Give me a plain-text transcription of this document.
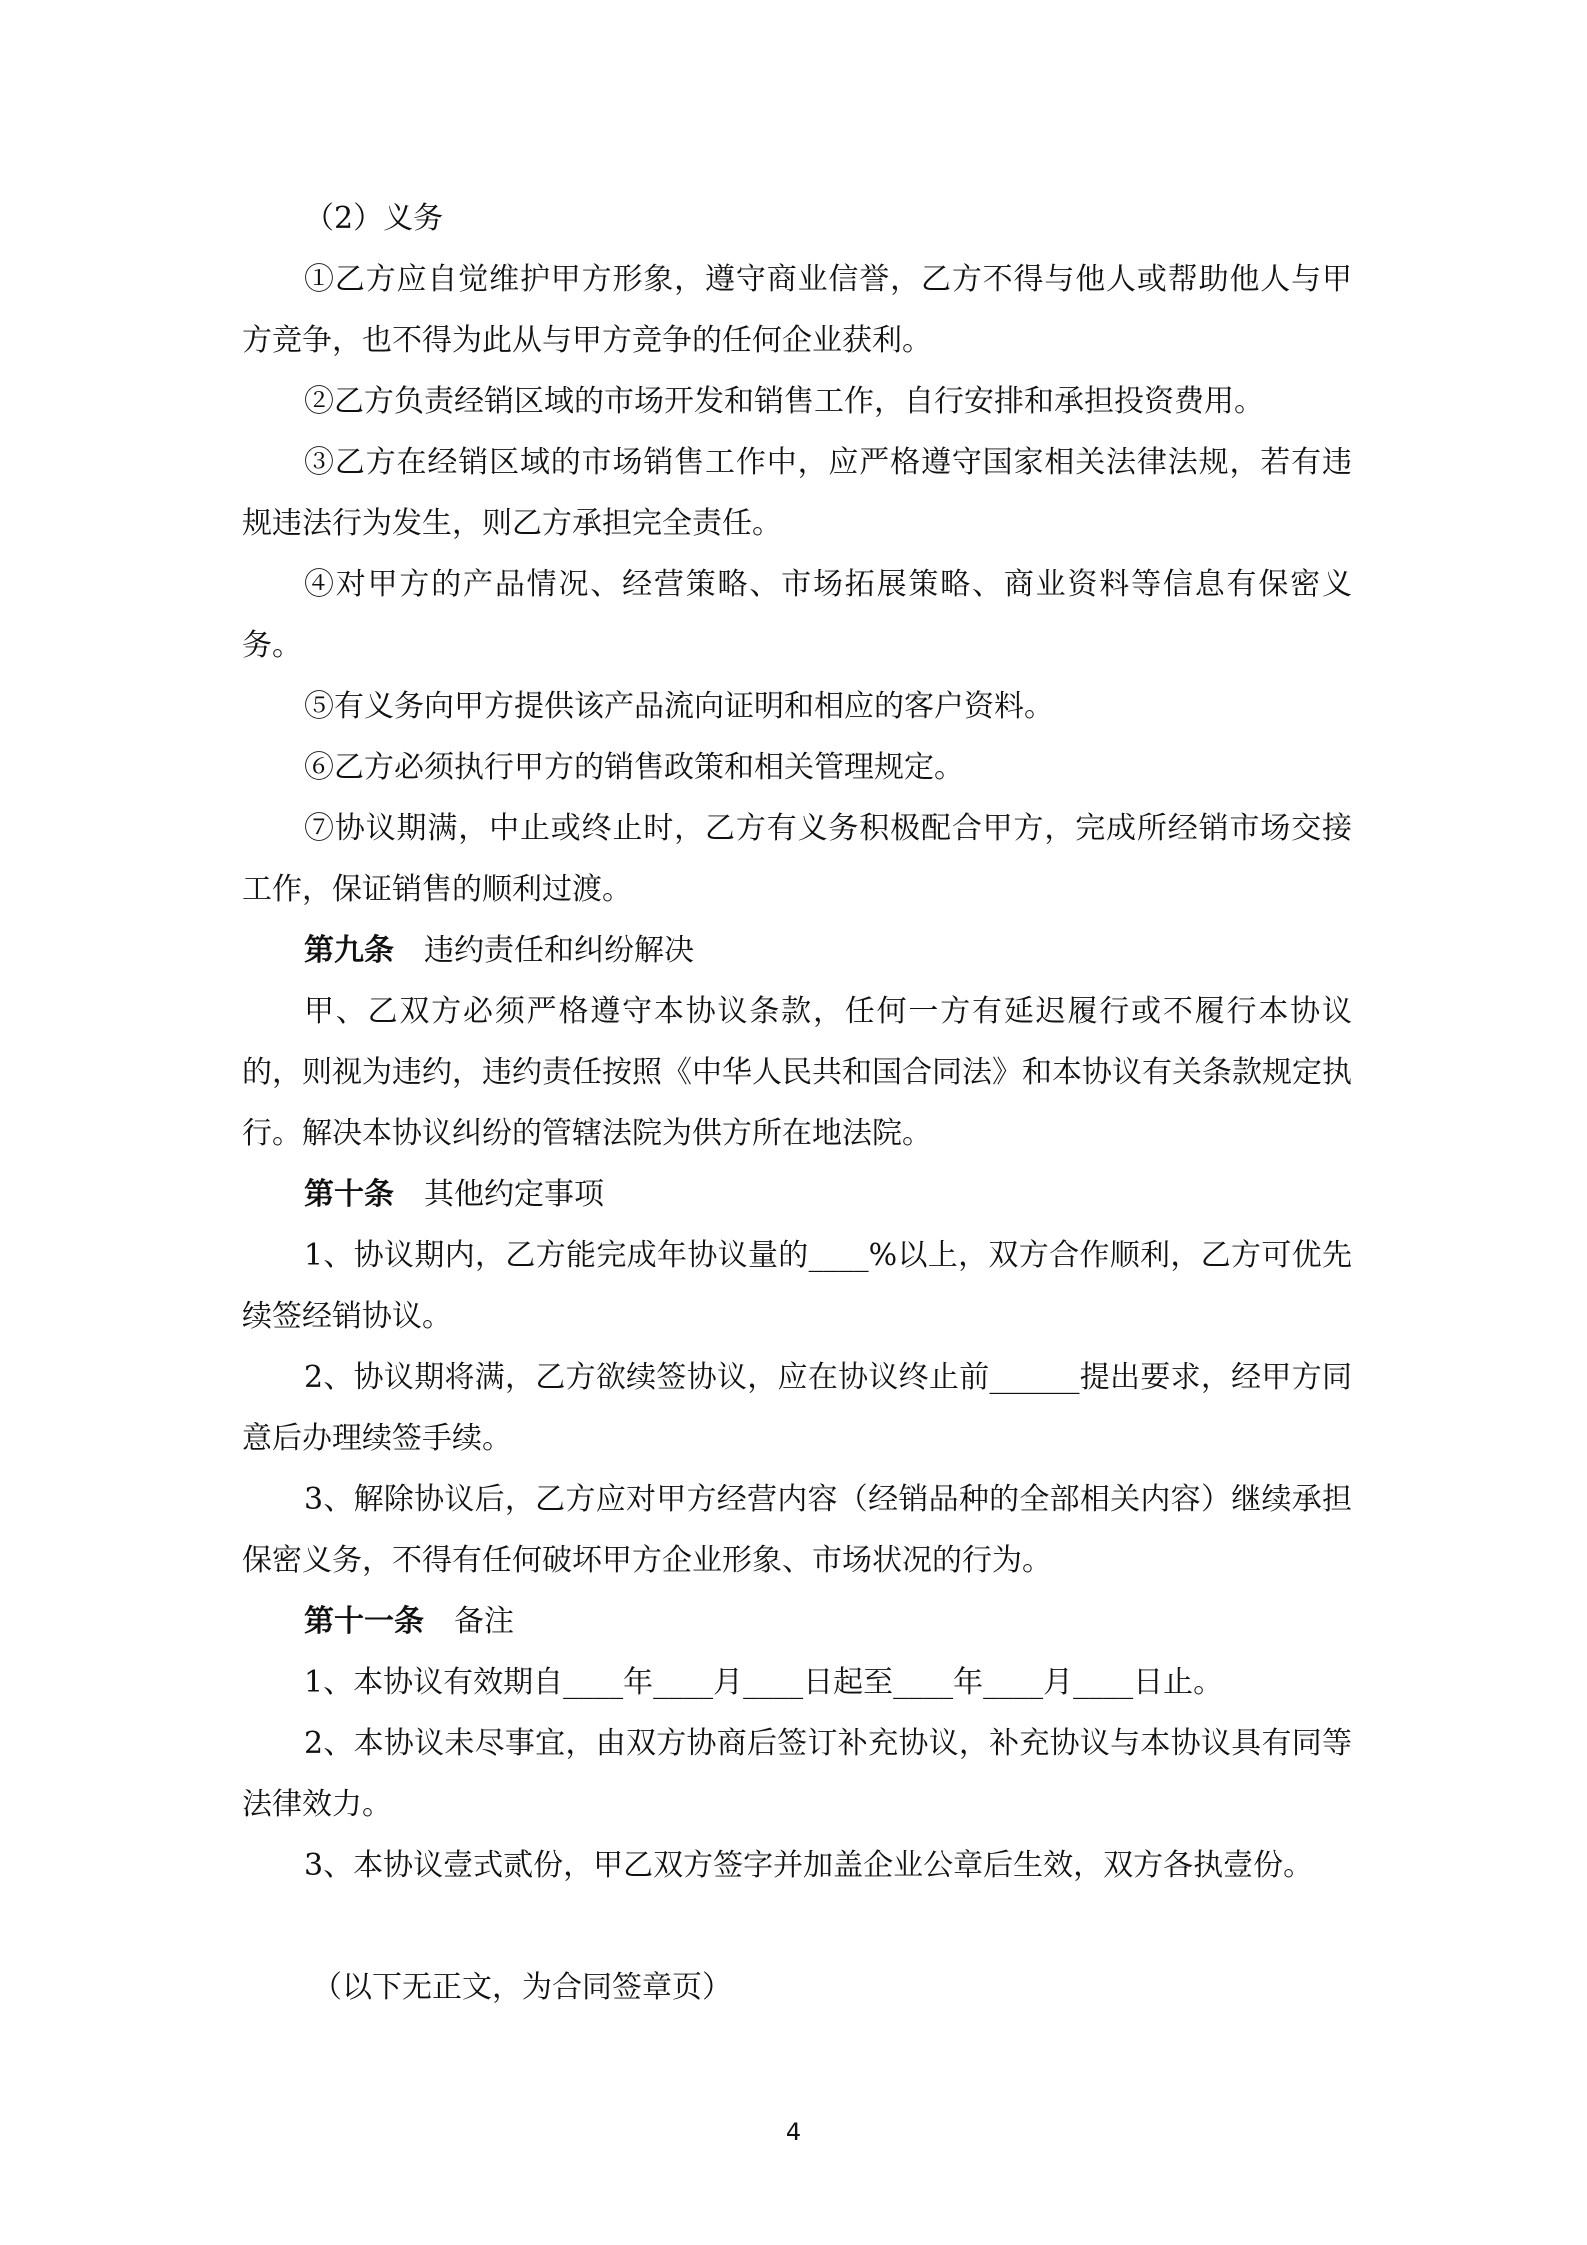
（2）义务

①乙方应自觉维护甲方形象，遵守商业信誉，乙方不得与他人或帮助他人与甲方竞争，也不得为此从与甲方竞争的任何企业获利。

②乙方负责经销区域的市场开发和销售工作，自行安排和承担投资费用。

③乙方在经销区域的市场销售工作中，应严格遵守国家相关法律法规，若有违规违法行为发生，则乙方承担完全责任。

④对甲方的产品情况、经营策略、市场拓展策略、商业资料等信息有保密义务。

⑤有义务向甲方提供该产品流向证明和相应的客户资料。

⑥乙方必须执行甲方的销售政策和相关管理规定。

⑦协议期满，中止或终止时，乙方有义务积极配合甲方，完成所经销市场交接工作，保证销售的顺利过渡。

第九条 违约责任和纠纷解决

甲、乙双方必须严格遵守本协议条款，任何一方有延迟履行或不履行本协议的，则视为违约，违约责任按照《中华人民共和国合同法》和本协议有关条款规定执行。解决本协议纠纷的管辖法院为供方所在地法院。

第十条 其他约定事项

1、协议期内，乙方能完成年协议量的____%以上，双方合作顺利，乙方可优先续签经销协议。

2、协议期将满，乙方欲续签协议，应在协议终止前______提出要求，经甲方同意后办理续签手续。

3、解除协议后，乙方应对甲方经营内容（经销品种的全部相关内容）继续承担保密义务，不得有任何破坏甲方企业形象、市场状况的行为。

第十一条 备注

1、本协议有效期自____年____月____日起至____年____月____日止。

2、本协议未尽事宜，由双方协商后签订补充协议，补充协议与本协议具有同等法律效力。

3、本协议壹式贰份，甲乙双方签字并加盖企业公章后生效，双方各执壹份。

（以下无正文，为合同签章页）

4
